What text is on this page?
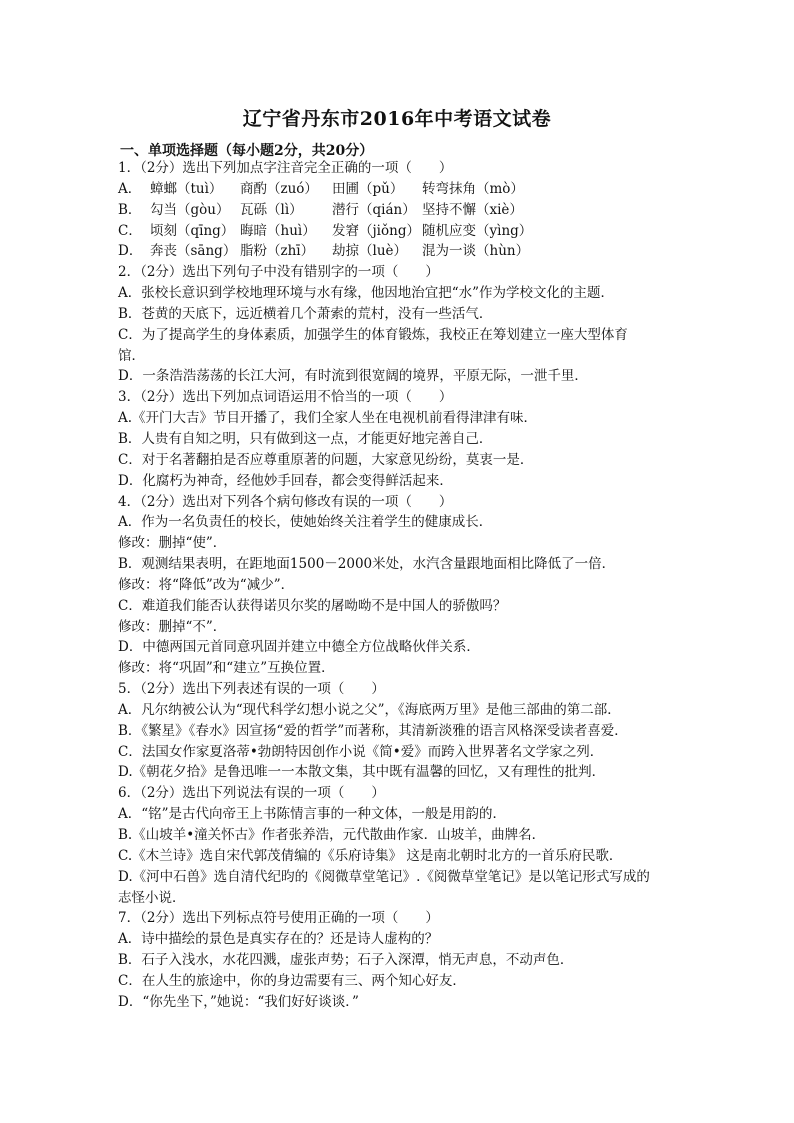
辽宁省丹东市2016年中考语文试卷
一、单项选择题（每小题2分，共20分）
1．（2分）选出下列加点字注音完全正确的一项（　　）
A． 蟑螂（tuì）	商酌（zuó）	田圃（pǔ）	转弯抹角（mò）
B． 勾当（gòu） 瓦砾（lì）	潜行（qián） 坚持不懈（xiè）
C． 顷刻（qīng） 晦暗（huì）	发窘（jiǒng） 随机应变（yìng）
D． 奔丧（sāng） 脂粉（zhī）	劫掠（luè）	混为一谈（hùn）
2．（2分）选出下列句子中没有错别字的一项（　　）
A．张校长意识到学校地理环境与水有缘，他因地治宜把“水”作为学校文化的主题．
B．苍黄的天底下，远近横着几个萧索的荒村，没有一些活气．
C．为了提高学生的身体素质，加强学生的体育锻炼，我校正在筹划建立一座大型体育
馆．
D．一条浩浩荡荡的长江大河，有时流到很宽阔的境界，平原无际，一泄千里．
3．（2分）选出下列加点词语运用不恰当的一项（　　）
A.《开门大吉》节目开播了，我们全家人坐在电视机前看得津津有味．
B．人贵有自知之明，只有做到这一点，才能更好地完善自己．
C．对于名著翻拍是否应尊重原著的问题，大家意见纷纷，莫衷一是．
D．化腐朽为神奇，经他妙手回春，都会变得鲜活起来．
4．（2分）选出对下列各个病句修改有误的一项（　　）
A．作为一名负责任的校长，使她始终关注着学生的健康成长．
修改：删掉“使”．
B．观测结果表明，在距地面1500－2000米处，水汽含量跟地面相比降低了一倍．
修改：将“降低”改为“减少”．
C．难道我们能否认获得诺贝尔奖的屠呦呦不是中国人的骄傲吗？
修改：删掉“不”．
D．中德两国元首同意巩固并建立中德全方位战略伙伴关系．
修改：将“巩固”和“建立”互换位置．
5．（2分）选出下列表述有误的一项（　　）
A．凡尔纳被公认为“现代科学幻想小说之父”，《海底两万里》是他三部曲的第二部．
B．《繁星》《春水》因宣扬“爱的哲学”而著称，其清新淡雅的语言风格深受读者喜爱．
C．法国女作家夏洛蒂•勃朗特因创作小说《简•爱》而跨入世界著名文学家之列．
D.《朝花夕拾》是鲁迅唯一一本散文集，其中既有温馨的回忆，又有理性的批判．
6．（2分）选出下列说法有误的一项（　　）
A．“铭”是古代向帝王上书陈情言事的一种文体，一般是用韵的．
B.《山坡羊•潼关怀古》作者张养浩，元代散曲作家．山坡羊，曲牌名．
C.《木兰诗》选自宋代郭茂倩编的《乐府诗集》 这是南北朝时北方的一首乐府民歌．
D.《河中石兽》选自清代纪昀的《阅微草堂笔记》.《阅微草堂笔记》是以笔记形式写成的
志怪小说．
7．（2分）选出下列标点符号使用正确的一项（　　）
A．诗中描绘的景色是真实存在的？还是诗人虚构的？
B．石子入浅水，水花四溅，虚张声势；石子入深潭，悄无声息，不动声色．
C．在人生的旅途中，你的身边需要有三、两个知心好友．
D．“你先坐下，”她说：“我们好好谈谈．”
